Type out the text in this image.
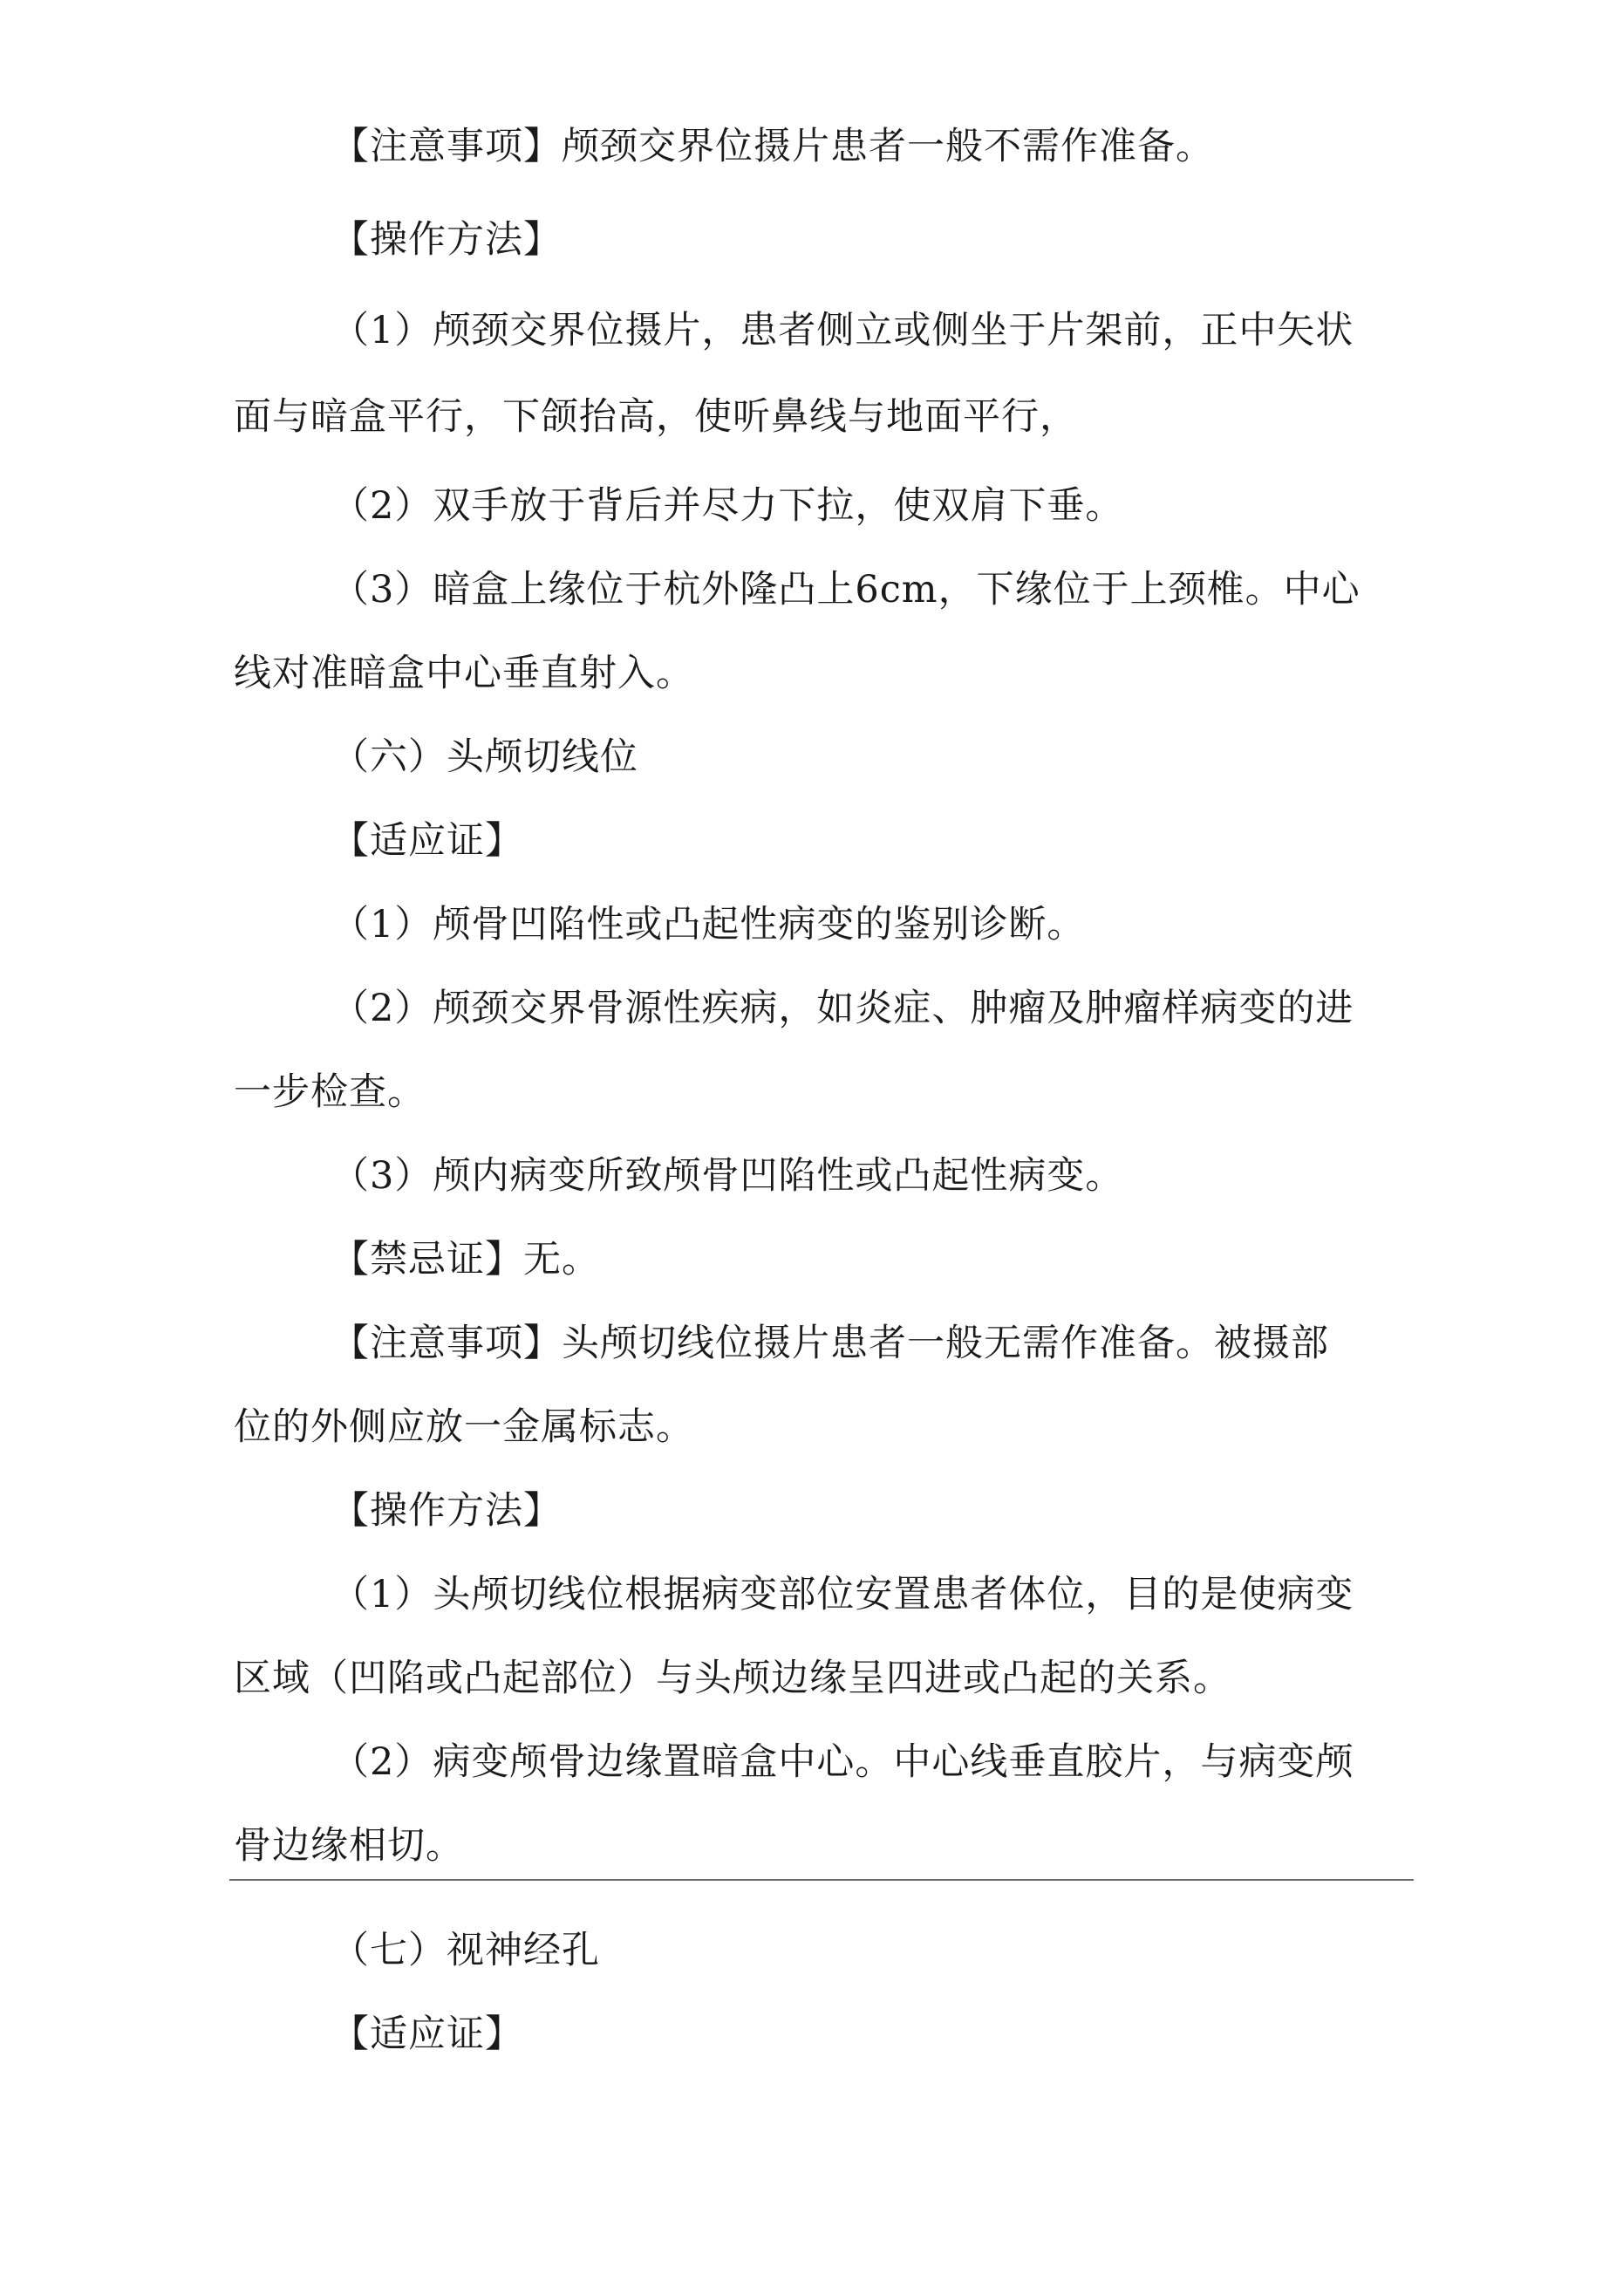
【注意事项】颅颈交界位摄片患者一般不需作准备。

【操作方法】

（1）颅颈交界位摄片，患者侧立或侧坐于片架前，正中矢状
面与暗盒平行，下颌抬高，使听鼻线与地面平行，

（2）双手放于背后并尽力下拉，使双肩下垂。

（3）暗盒上缘位于杭外隆凸上6cm，下缘位于上颈椎。中心
线对准暗盒中心垂直射入。

（六）头颅切线位

【适应证】

（1）颅骨凹陷性或凸起性病变的鉴别诊断。

（2）颅颈交界骨源性疾病，如炎症、肿瘤及肿瘤样病变的进
一步检查。

（3）颅内病变所致颅骨凹陷性或凸起性病变。

【禁忌证】无。

【注意事项】头颅切线位摄片患者一般无需作准备。被摄部
位的外侧应放一金属标志。

【操作方法】

（1）头颅切线位根据病变部位安置患者体位，目的是使病变
区域（凹陷或凸起部位）与头颅边缘呈四进或凸起的关系。

（2）病变颅骨边缘置暗盒中心。中心线垂直胶片，与病变颅
骨边缘相切。

（七）视神经孔

【适应证】
